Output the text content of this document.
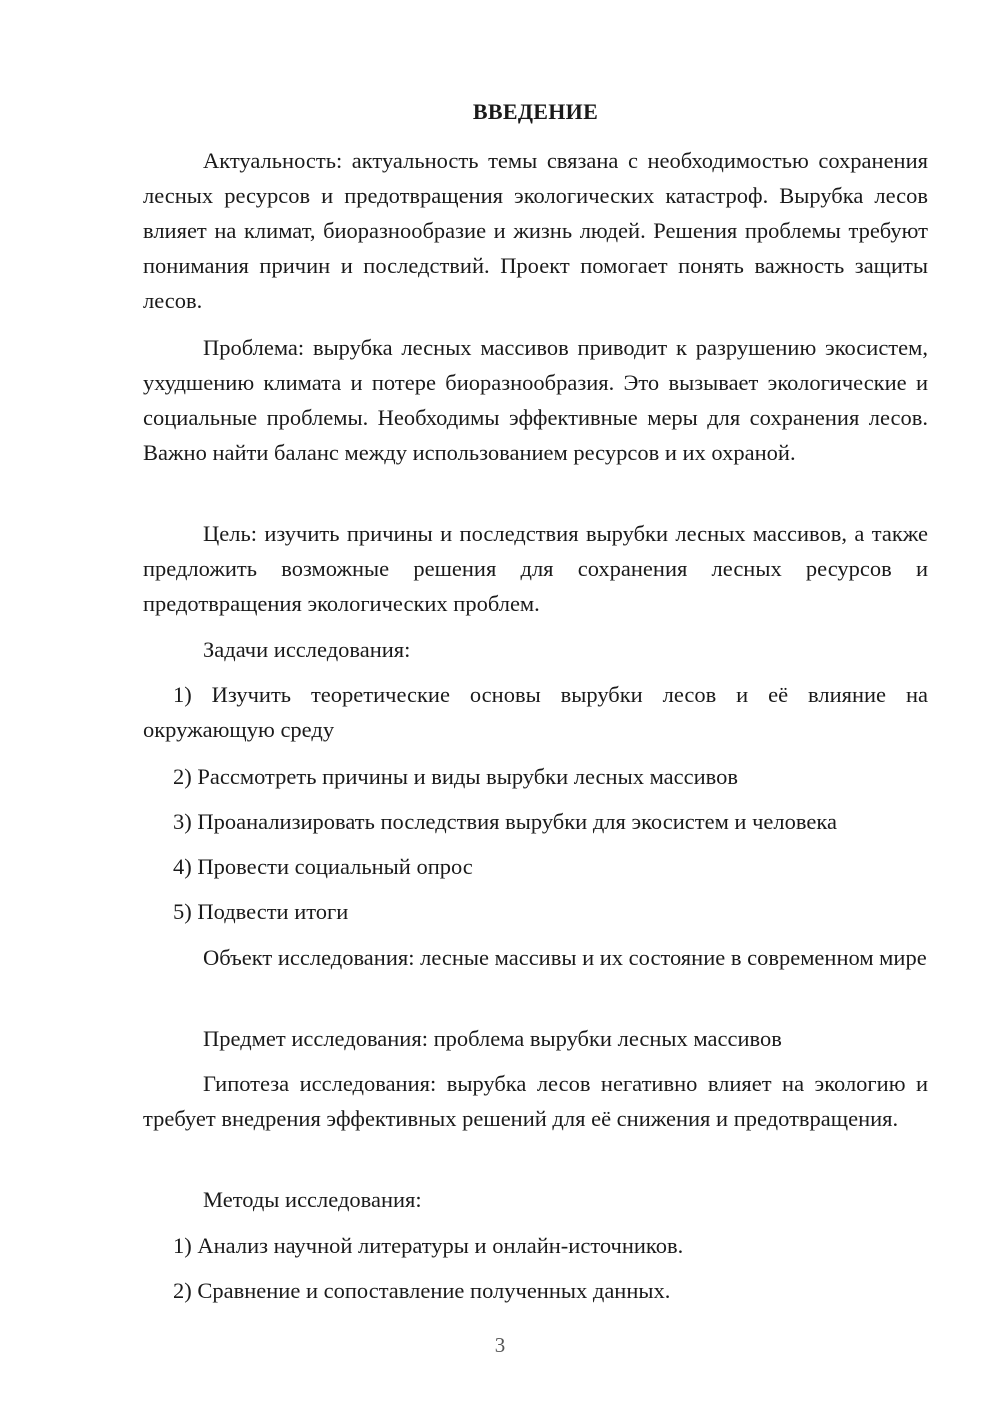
ВВЕДЕНИЕ

Актуальность: актуальность темы связана с необходимостью сохранения лесных ресурсов и предотвращения экологических катастроф. Вырубка лесов влияет на климат, биоразнообразие и жизнь людей. Решения проблемы требуют понимания причин и последствий. Проект помогает понять важность защиты лесов.

Проблема: вырубка лесных массивов приводит к разрушению экосистем, ухудшению климата и потере биоразнообразия. Это вызывает экологические и социальные проблемы. Необходимы эффективные меры для сохранения лесов. Важно найти баланс между использованием ресурсов и их охраной.

Цель: изучить причины и последствия вырубки лесных массивов, а также предложить возможные решения для сохранения лесных ресурсов и предотвращения экологических проблем.

Задачи исследования:

1) Изучить теоретические основы вырубки лесов и её влияние на окружающую среду

2) Рассмотреть причины и виды вырубки лесных массивов

3) Проанализировать последствия вырубки для экосистем и человека

4) Провести социальный опрос

5) Подвести итоги

Объект исследования: лесные массивы и их состояние в современном мире

Предмет исследования: проблема вырубки лесных массивов

Гипотеза исследования: вырубка лесов негативно влияет на экологию и требует внедрения эффективных решений для её снижения и предотвращения.

Методы исследования:

1) Анализ научной литературы и онлайн-источников.

2) Сравнение и сопоставление полученных данных.

3
